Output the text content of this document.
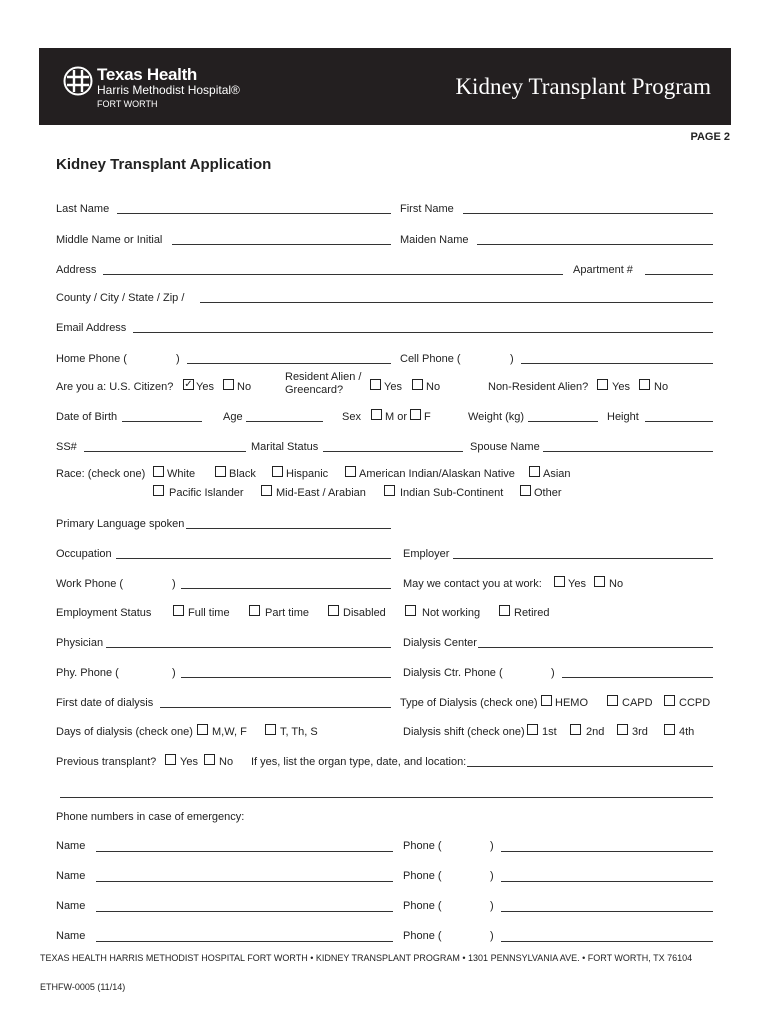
Texas Health
Harris Methodist Hospital®
FORT WORTH
Kidney Transplant Program
PAGE 2
Kidney Transplant Application
Last Name	First Name
Middle Name or Initial	Maiden Name
Address	Apartment #
County / City / State / Zip /
Email Address
Home Phone (	)	Cell Phone (	)
Are you a: U.S. Citizen? ✓ Yes No
Resident Alien /
Greencard?	Yes No	Non-Resident Alien? Yes No
Date of Birth	Age	Sex M or F	Weight (kg)	Height
SS#	Marital Status	Spouse Name
Race: (check one) White	Black	Hispanic	American Indian/Alaskan Native	Asian
Pacific Islander	Mid-East / Arabian	Indian Sub-Continent	Other
Primary Language spoken
Occupation	Employer
Work Phone (	)	May we contact you at work: Yes No
Employment Status	Full time	Part time	Disabled	Not working	Retired
Physician	Dialysis Center
Phy. Phone (	)	Dialysis Ctr. Phone (	)
First date of dialysis	Type of Dialysis (check one) HEMO	CAPD CCPD
Days of dialysis (check one) M,W, F	T, Th, S	Dialysis shift (check one) 1st	2nd	3rd	4th
Previous transplant? Yes No If yes, list the organ type, date, and location:
Phone numbers in case of emergency:
Name	Phone (	)
Name	Phone (	)
Name	Phone (	)
Name	Phone (	)
TEXAS HEALTH HARRIS METHODIST HOSPITAL FORT WORTH • KIDNEY TRANSPLANT PROGRAM • 1301 PENNSYLVANIA AVE. • FORT WORTH, TX 76104
ETHFW-0005 (11/14)
